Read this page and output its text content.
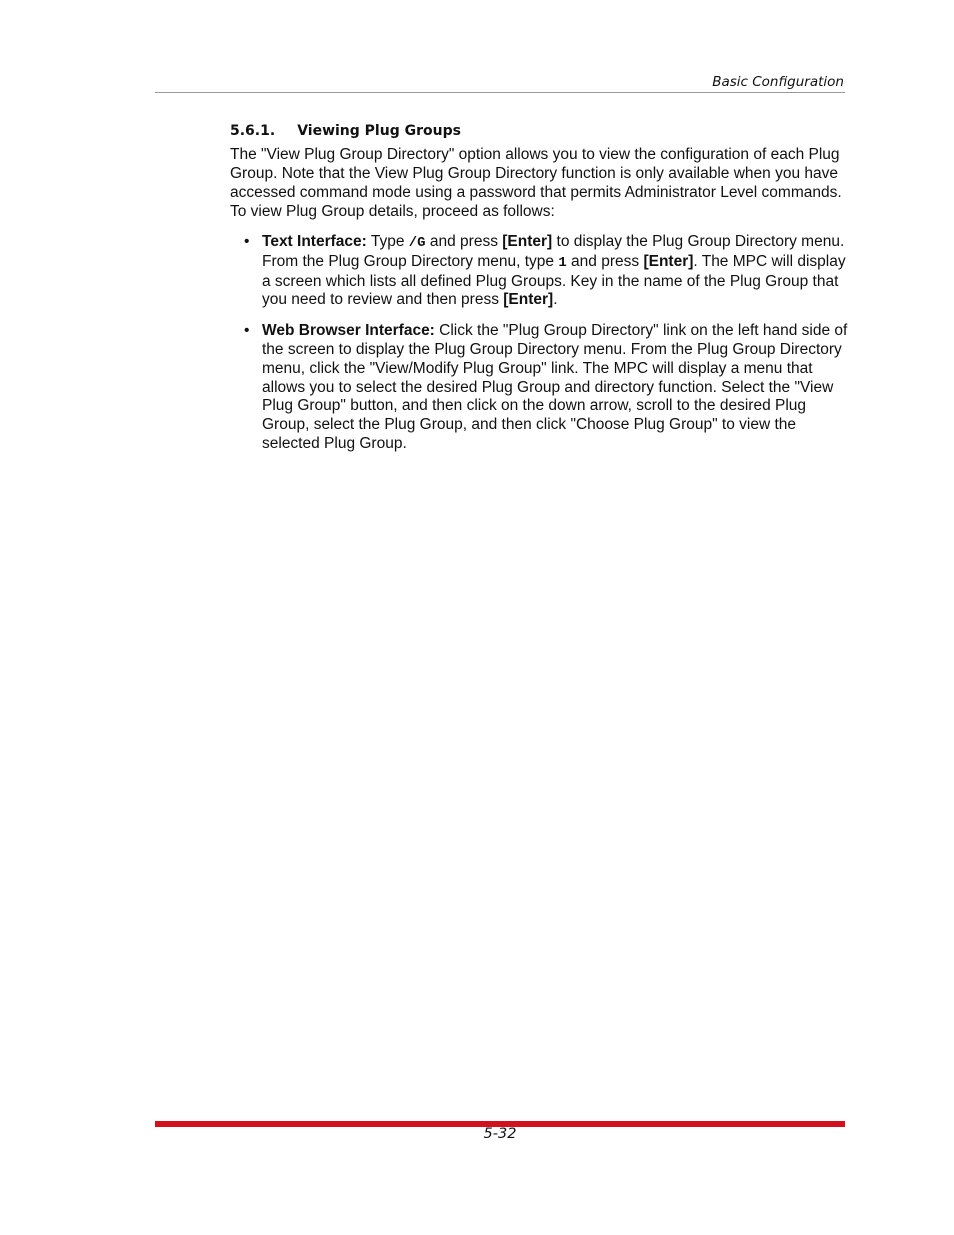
Basic Configuration
5.6.1. Viewing Plug Groups

The "View Plug Group Directory" option allows you to view the configuration of each Plug Group. Note that the View Plug Group Directory function is only available when you have accessed command mode using a password that permits Administrator Level commands. To view Plug Group details, proceed as follows:

• Text Interface: Type /G and press [Enter] to display the Plug Group Directory menu. From the Plug Group Directory menu, type 1 and press [Enter]. The MPC will display a screen which lists all defined Plug Groups. Key in the name of the Plug Group that you need to review and then press [Enter].
• Web Browser Interface: Click the "Plug Group Directory" link on the left hand side of the screen to display the Plug Group Directory menu. From the Plug Group Directory menu, click the "View/Modify Plug Group" link. The MPC will display a menu that allows you to select the desired Plug Group and directory function. Select the "View Plug Group" button, and then click on the down arrow, scroll to the desired Plug Group, select the Plug Group, and then click "Choose Plug Group" to view the selected Plug Group.
5-32
